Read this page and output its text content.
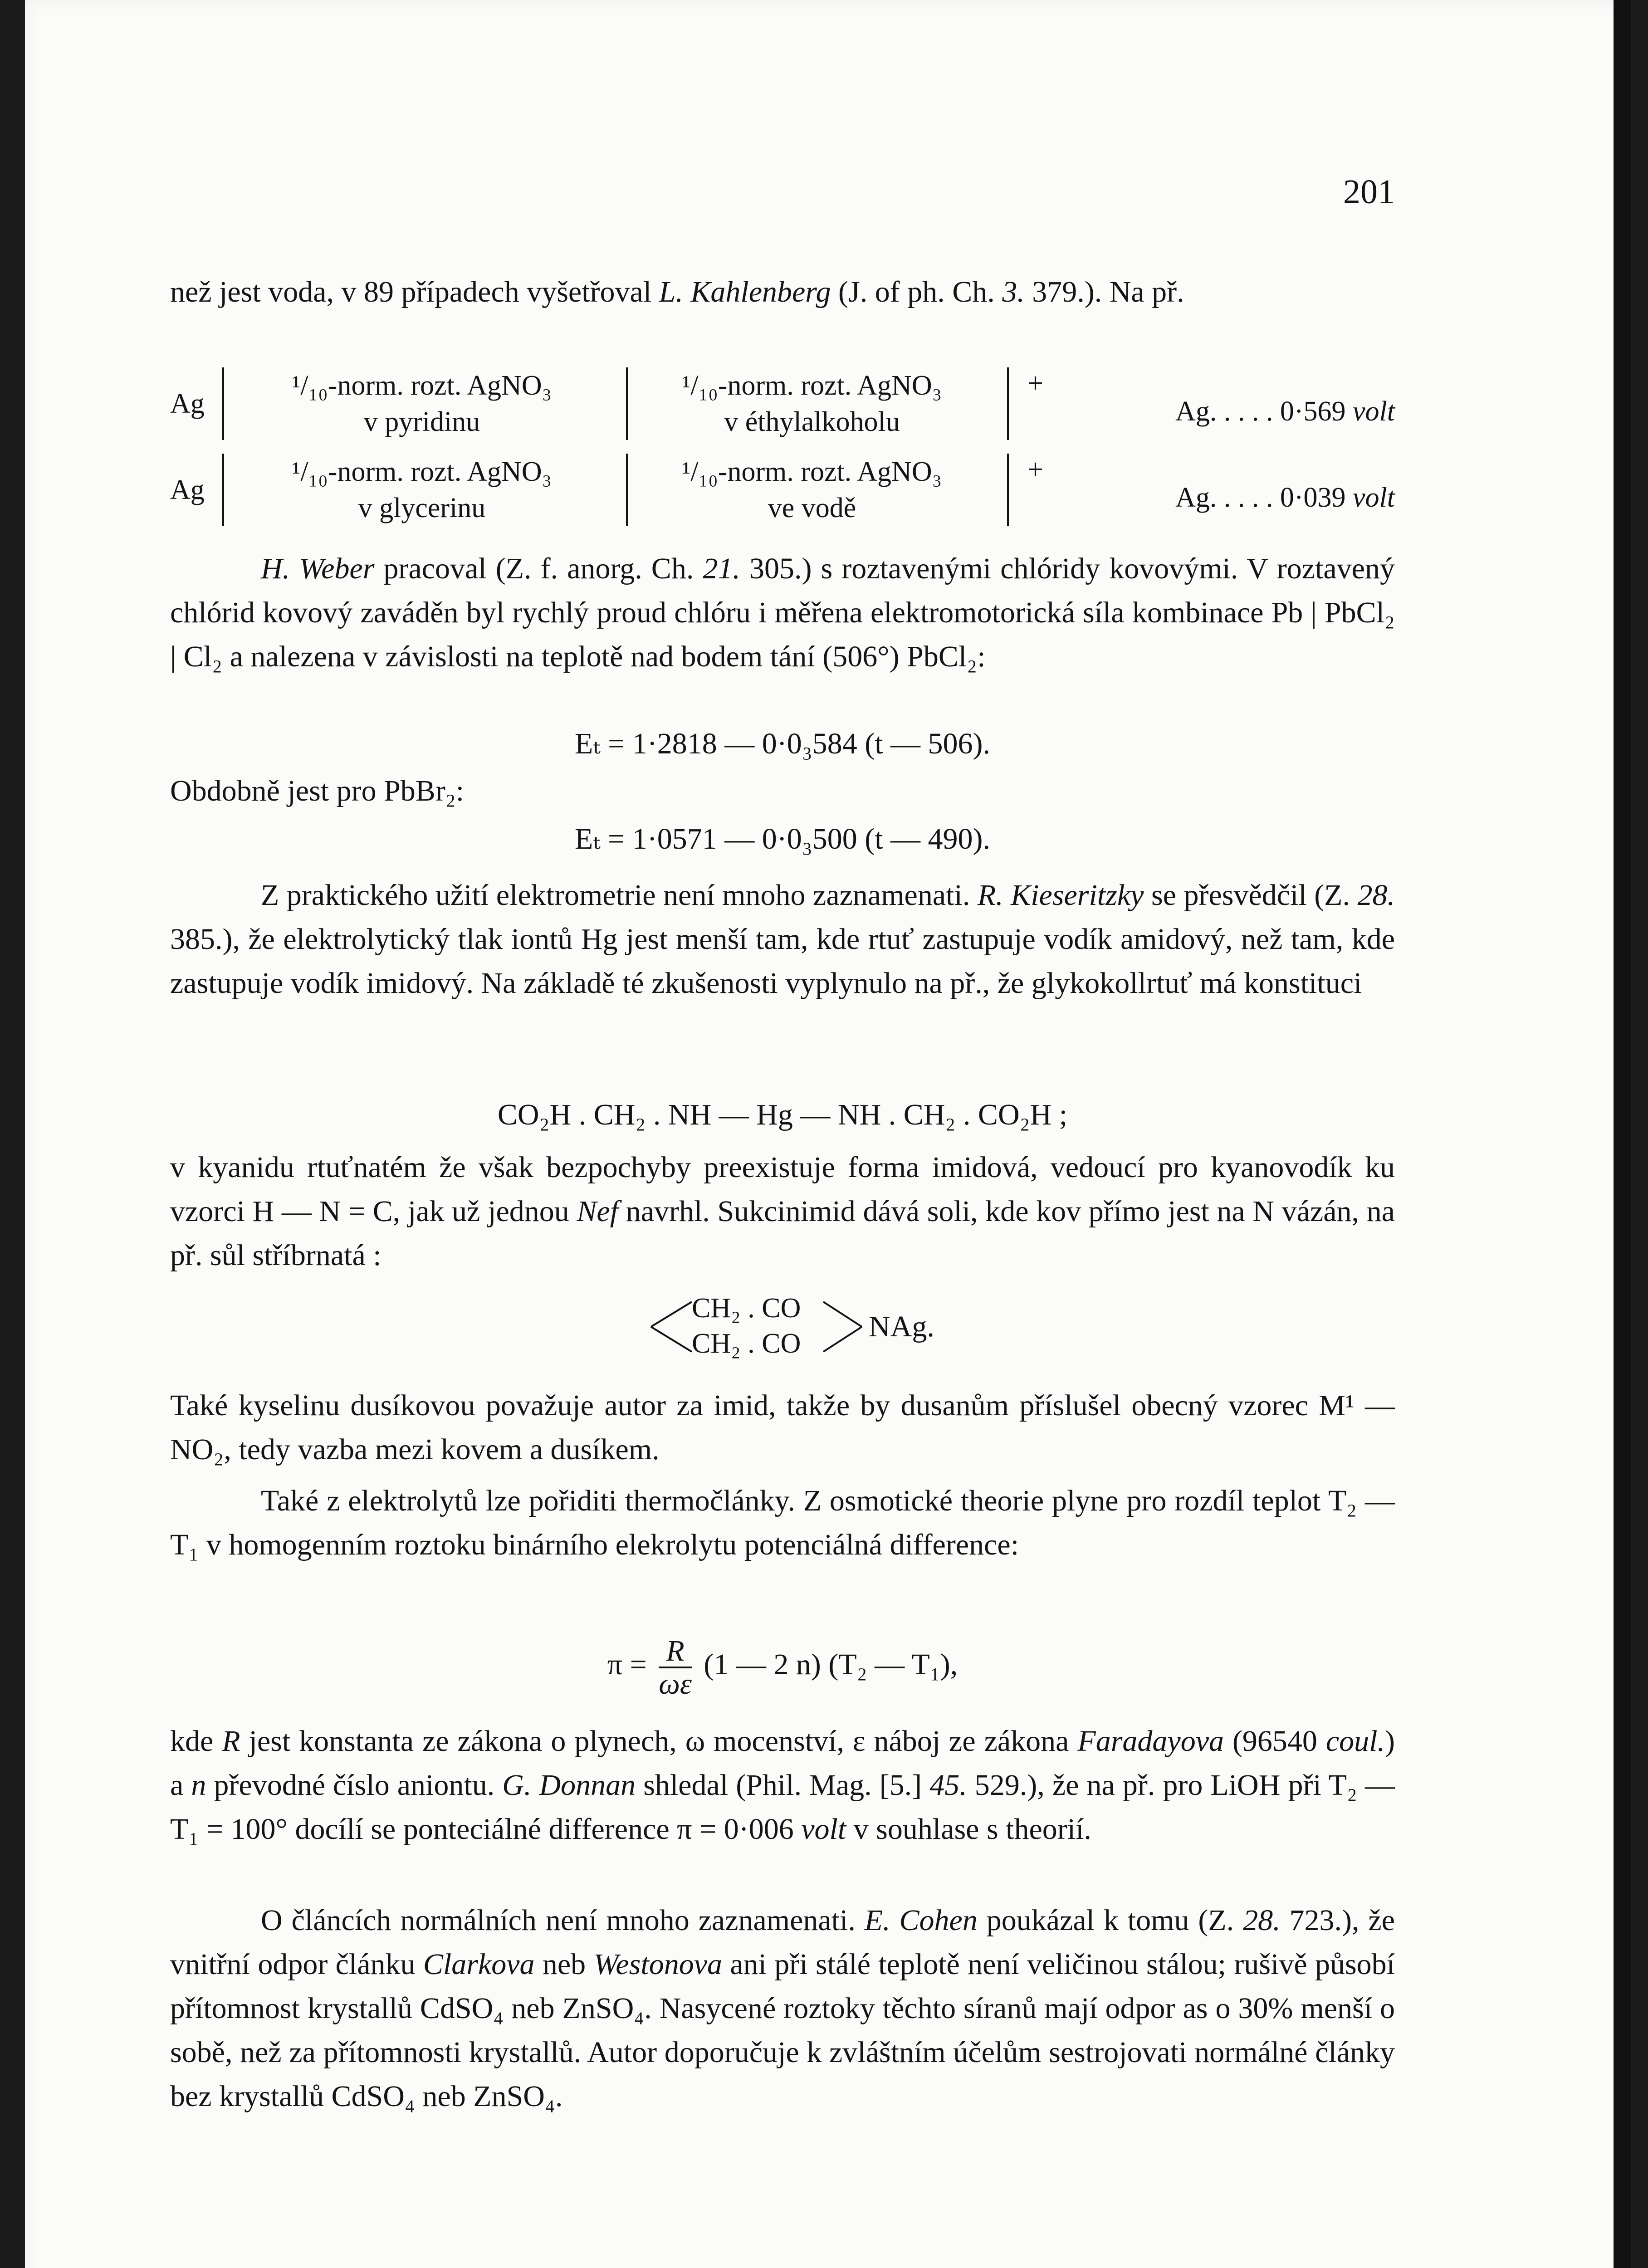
201

než jest voda, v 89 případech vyšetřoval L. Kahlenberg (J. of ph. Ch. 3. 379.). Na př.

Ag
¹/₁₀-norm. rozt. AgNO₃
v pyridinu
¹/₁₀-norm. rozt. AgNO₃
v éthylalkoholu
+
Ag. . . . . 0·569 volt
Ag
¹/₁₀-norm. rozt. AgNO₃
v glycerinu
¹/₁₀-norm. rozt. AgNO₃
ve vodě
+
Ag. . . . . 0·039 volt

H. Weber pracoval (Z. f. anorg. Ch. 21. 305.) s roztavenými chlóridy kovovými. V roztavený chlórid kovový zaváděn byl rychlý proud chlóru i měřena elektromotorická síla kombinace Pb | PbCl₂ | Cl₂ a nalezena v závislosti na teplotě nad bodem tání (506°) PbCl₂:

Eₜ = 1·2818 — 0·0₃584 (t — 506).

Obdobně jest pro PbBr₂:

Eₜ = 1·0571 — 0·0₃500 (t — 490).

Z praktického užití elektrometrie není mnoho zaznamenati. R. Kieseritzky se přesvědčil (Z. 28. 385.), že elektrolytický tlak iontů Hg jest menší tam, kde rtuť zastupuje vodík amidový, než tam, kde zastupuje vodík imidový. Na základě té zkušenosti vyplynulo na př., že glykokollrtuť má konstituci

CO₂H . CH₂ . NH — Hg — NH . CH₂ . CO₂H ;

v kyanidu rtuťnatém že však bezpochyby preexistuje forma imidová, vedoucí pro kyanovodík ku vzorci H — N = C, jak už jednou Nef navrhl. Sukcinimid dává soli, kde kov přímo jest na N vázán, na př. sůl stříbrnatá :

CH₂ . CO
CH₂ . CO
NAg.

Také kyselinu dusíkovou považuje autor za imid, takže by dusanům příslušel obecný vzorec M¹ — NO₂, tedy vazba mezi kovem a dusíkem.

Také z elektrolytů lze pořiditi thermočlánky. Z osmotické theorie plyne pro rozdíl teplot T₂ — T₁ v homogenním roztoku binárního elekrolytu potenciálná difference:

$\pi = \frac{R}{\omega\varepsilon} (1$ — 2 n) (T₂ — T₁),

kde R jest konstanta ze zákona o plynech, ω mocenství, ε náboj ze zákona Faradayova (96540 coul.) a n převodné číslo aniontu. G. Donnan shledal (Phil. Mag. [5.] 45. 529.), že na př. pro LiOH při T₂ — T₁ = 100° docílí se ponteciálné difference π = 0·006 volt v souhlase s theorií.

O článcích normálních není mnoho zaznamenati. E. Cohen poukázal k tomu (Z. 28. 723.), že vnitřní odpor článku Clarkova neb Westonova ani při stálé teplotě není veličinou stálou; rušivě působí přítomnost krystallů CdSO₄ neb ZnSO₄. Nasycené roztoky těchto síranů mají odpor as o 30% menší o sobě, než za přítomnosti krystallů. Autor doporučuje k zvláštním účelům sestrojovati normálné články bez krystallů CdSO₄ neb ZnSO₄.
